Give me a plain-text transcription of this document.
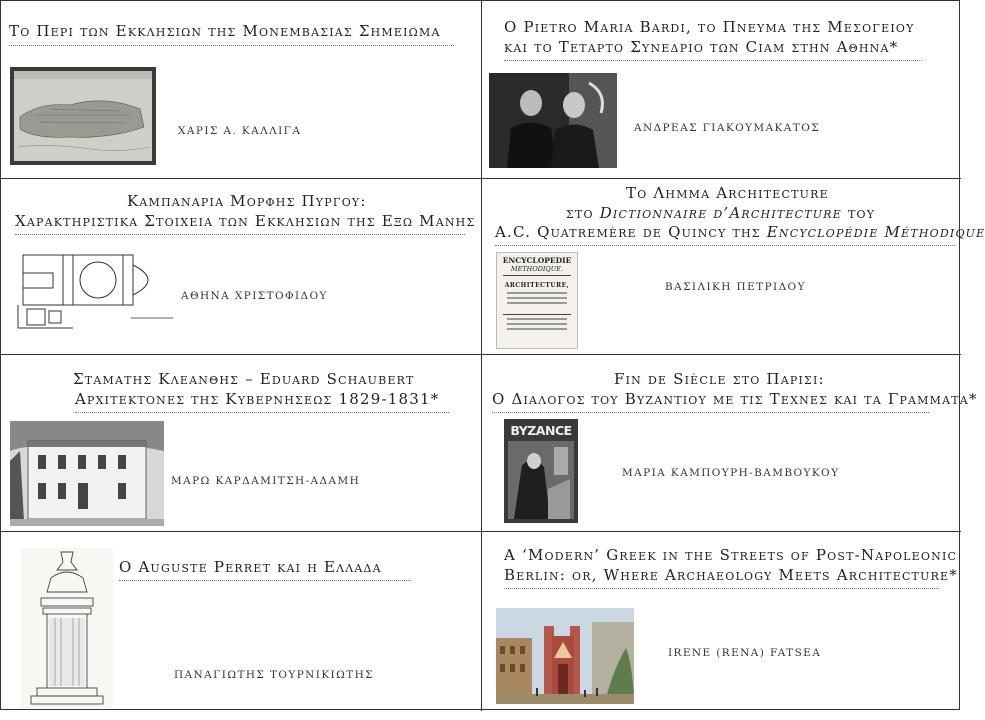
Το Περι των Εκκλησιων της Μονεμβασιας Σημειωμα
ΧΑΡΙΣ Α. ΚΑΛΛΙΓΑ
Ο Pietro Maria Bardi, το Πνευμα της Μεσογειου
και το Τεταρτο Συνεδριο των Ciam στην Αθηνα*
ΑΝΔΡΕΑΣ ΓΙΑΚΟΥΜΑΚΑΤΟΣ
Καμπαναρια Μορφης Πυργου:
Χαρακτηριστικα Στοιχεια των Εκκλησιων της Εξω Μανης
ΑΘΗΝΑ ΧΡΙΣΤΟΦΙΔΟΥ
Το Λημμα Architecture
στο Dictionnaire d’Architecture του
A.C. Quatremère de Quincy της Encyclopédie Méthodique
ENCYCLOPEDIE
METHODIQUE.
ARCHITECTURE,	ΒΑΣΙΛΙΚΗ ΠΕΤΡΙΔΟΥ
Σταματης Κλεανθης – Eduard Schaubert
Αρχιτεκτονες της Κυβερνησεως 1829-1831*
ΜΑΡΩ ΚΑΡΔΑΜΙΤΣΗ-ΑΔΑΜΗ
Fin de Siècle στο Παρισι:
Ο Διαλογος του Βυζαντιου με τις Τεχνες και τα Γραμματα*
BYZANCE
ΜΑΡΙΑ ΚΑΜΠΟΥΡΗ-ΒΑΜΒΟΥΚΟΥ
Ο Auguste Perret και η Ελλαδα
ΠΑΝΑΓΙΩΤΗΣ ΤΟΥΡΝΙΚΙΩΤΗΣ
A ‘Modern’ Greek in the Streets of Post-Napoleonic
Berlin: or, Where Archaeology Meets Architecture*
IRENE (RENA) FATSEA
